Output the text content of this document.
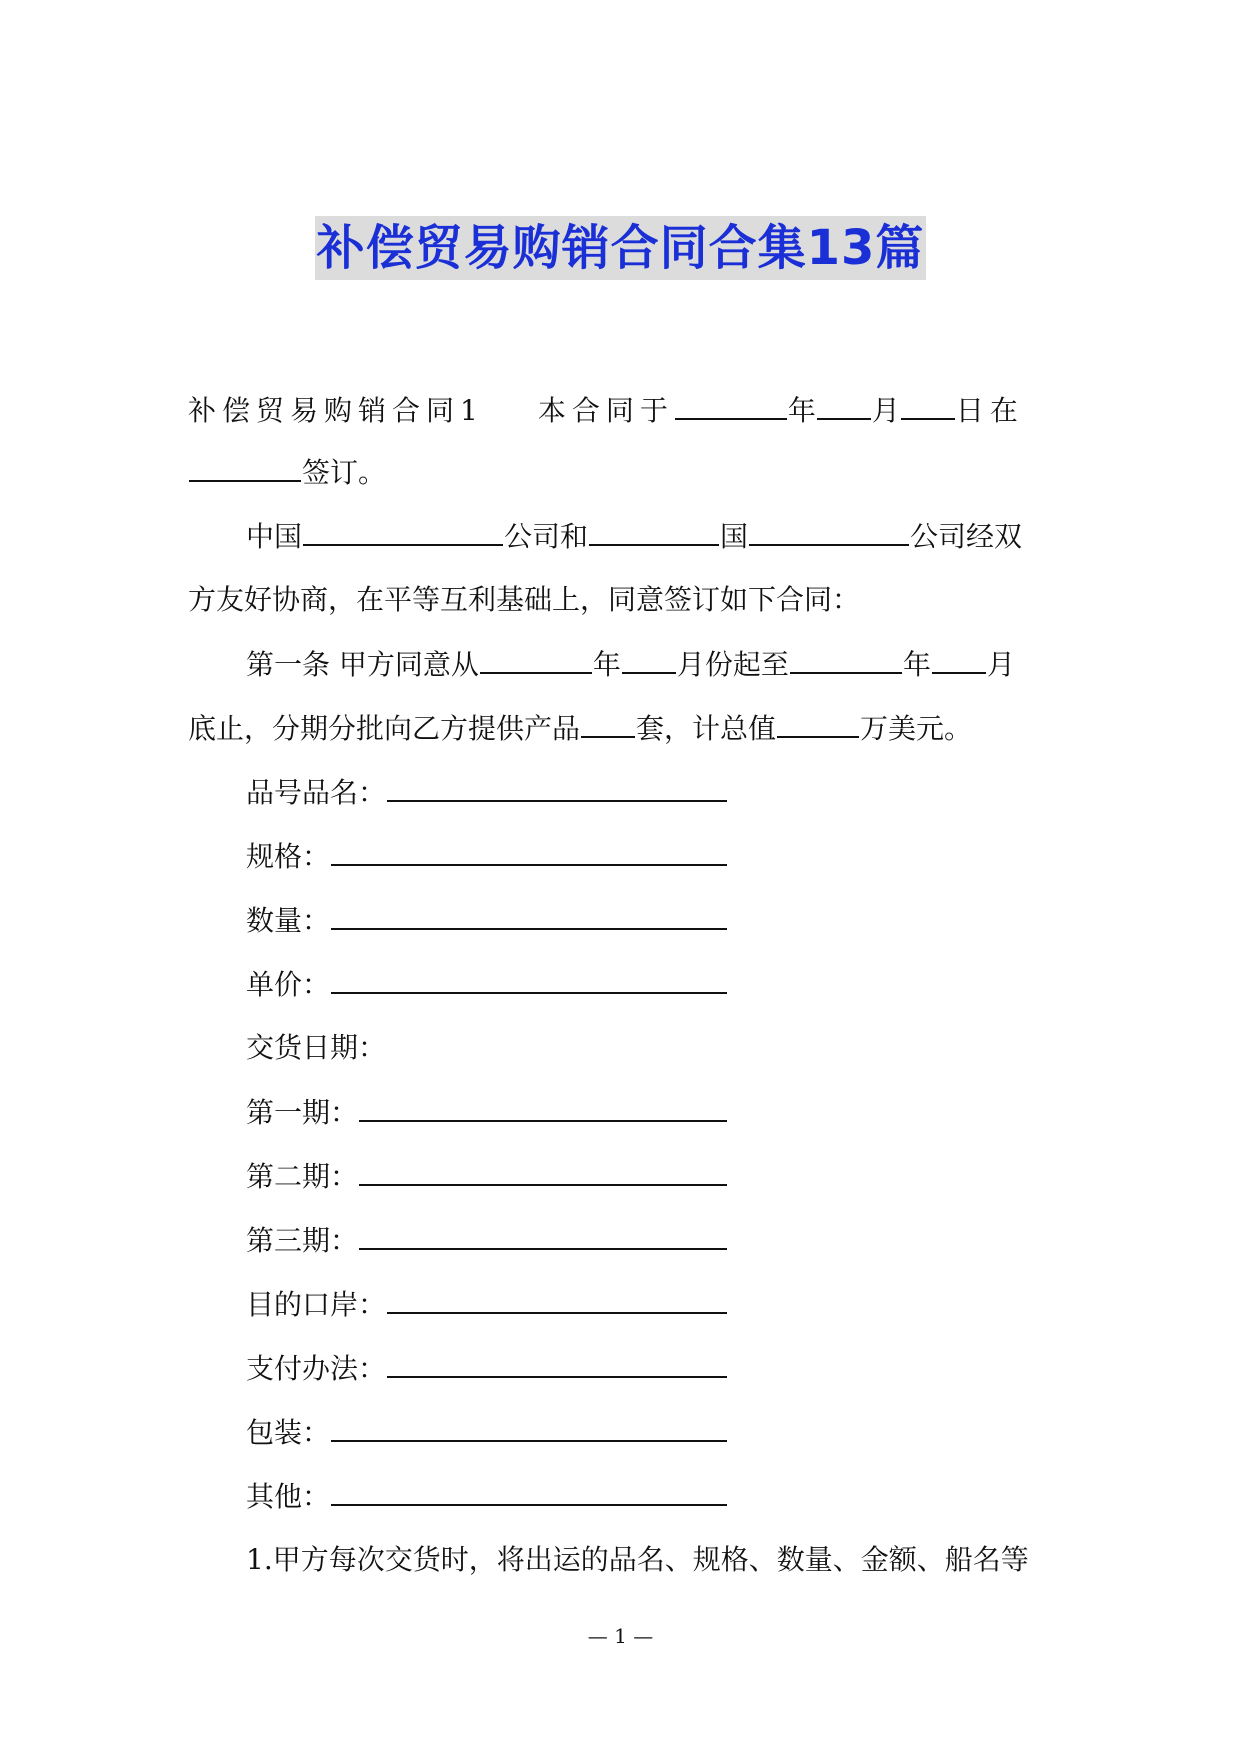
补偿贸易购销合同合集13篇
补偿贸易购销合同1 本合同于	年 月 日在
签订。
中国	公司和	国	公司经双
方友好协商，在平等互利基础上，同意签订如下合同：
第一条 甲方同意从	年 月份起至	年 月
底止，分期分批向乙方提供产品 套，计总值	万美元。
品号品名：
规格：
数量：
单价：
交货日期：
第一期：
第二期：
第三期：
目的口岸：
支付办法：
包装：
其他：
1.甲方每次交货时，将出运的品名、规格、数量、金额、船名等
— 1 —
